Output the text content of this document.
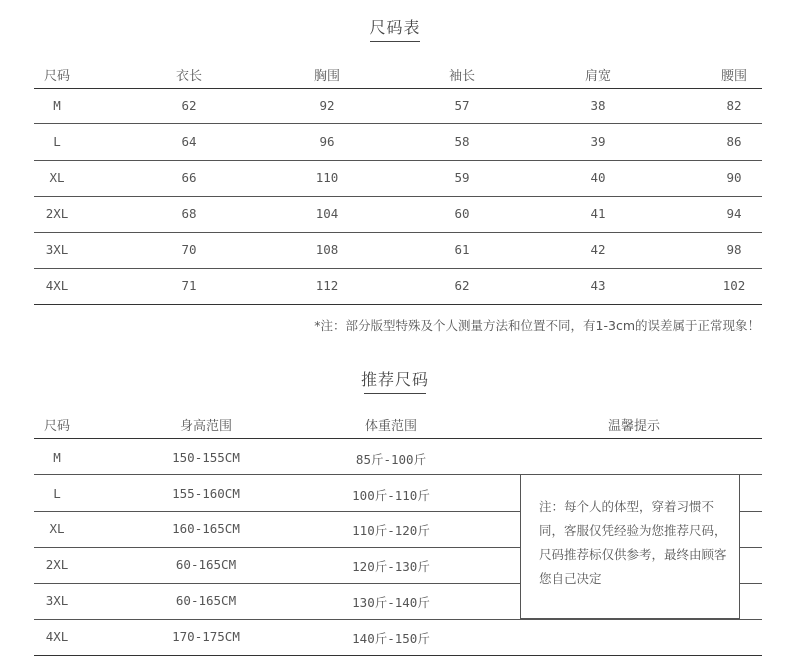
尺码表
尺码	衣长	胸围	袖长	肩宽	腰围
M	62	92	57	38	82
L	64	96	58	39	86
XL	66	110	59	40	90
2XL	68	104	60	41	94
3XL	70	108	61	42	98
4XL	71	112	62	43	102
*注：部分版型特殊及个人测量方法和位置不同，有1-3cm的误差属于正常现象！
推荐尺码
尺码	身高范围	体重范围	温馨提示
M	150-155CM	85斤-100斤
L	155-160CM	100斤-110斤
XL	160-165CM	110斤-120斤
2XL	60-165CM	120斤-130斤
3XL	60-165CM	130斤-140斤
4XL	170-175CM	140斤-150斤
注：每个人的体型，穿着习惯不同，客服仅凭经验为您推荐尺码，尺码推荐标仅供参考，最终由顾客您自己决定
